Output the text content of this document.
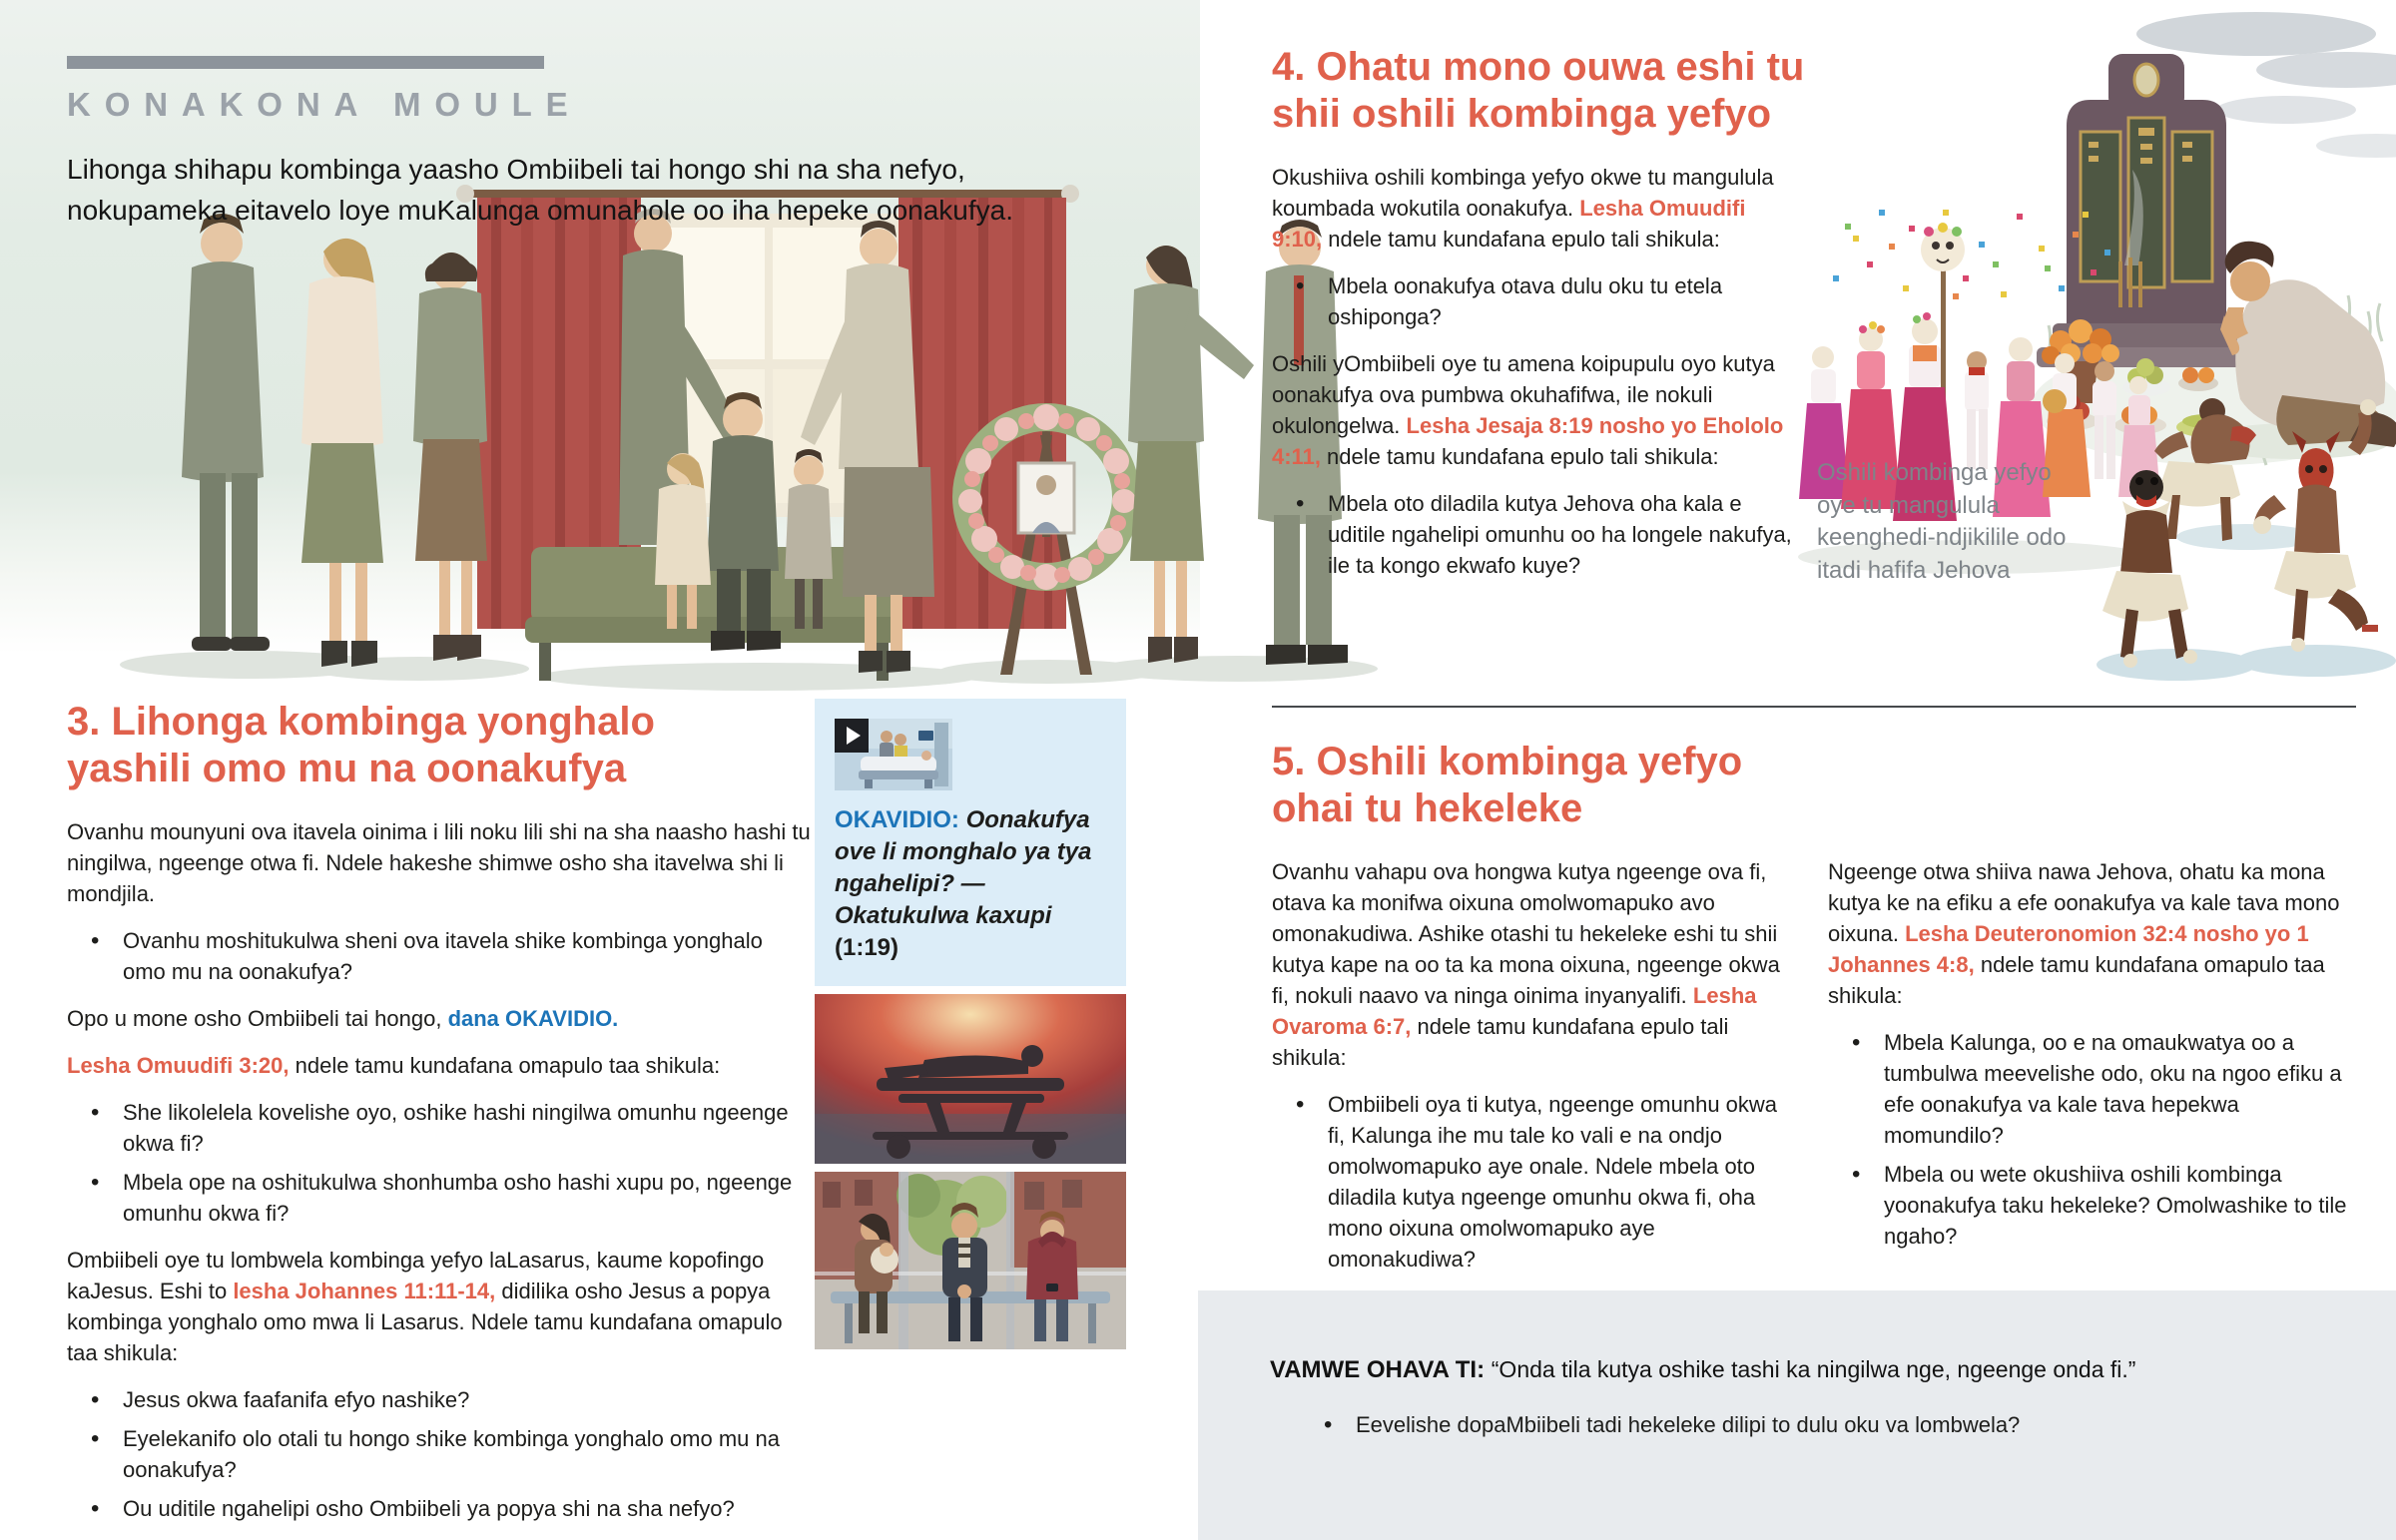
KONAKONA MOULE
Lihonga shihapu kombinga yaasho Ombiibeli tai hongo shi na sha nefyo, nokupameka eitavelo loye muKalunga omunahole oo iha hepeke oonakufya.
3. Lihonga kombinga yonghalo yashili omo mu na oonakufya

Ovanhu mounyuni ova itavela oinima i lili noku lili shi na sha naasho hashi tu ningilwa, ngeenge otwa fi. Ndele hakeshe shimwe osho sha itavelwa shi li mondjila.

• Ovanhu moshitukulwa sheni ova itavela shike kombinga yonghalo omo mu na oonakufya?

Opo u mone osho Ombiibeli tai hongo, dana OKAVIDIO.

Lesha Omuudifi 3:20, ndele tamu kundafana omapulo taa shikula:

• She likolelela kovelishe oyo, oshike hashi ningilwa omunhu ngeenge okwa fi?
• Mbela ope na oshitukulwa shonhumba osho hashi xupu po, ngeenge omunhu okwa fi?

Ombiibeli oye tu lombwela kombinga yefyo laLasarus, kaume kopofingo kaJesus. Eshi to lesha Johannes 11:11-14, didilika osho Jesus a popya kombinga yonghalo omo mwa li Lasarus. Ndele tamu kundafana omapulo taa shikula:

• Jesus okwa faafanifa efyo nashike?
• Eyelekanifo olo otali tu hongo shike kombinga yonghalo omo mu na oonakufya?
• Ou uditile ngahelipi osho Ombiibeli ya popya shi na sha nefyo?

OKAVIDIO: Oonakufya ove li monghalo ya tya ngahelipi? — Okatukulwa kaxupi (1:19)

4. Ohatu mono ouwa eshi tu shii oshili kombinga yefyo

Okushiiva oshili kombinga yefyo okwe tu mangulula koumbada wokutila oonakufya. Lesha Omuudifi 9:10, ndele tamu kundafana epulo tali shikula:

• Mbela oonakufya otava dulu oku tu etela oshiponga?

Oshili yOmbiibeli oye tu amena koipupulu oyo kutya oonakufya ova pumbwa okuhafifwa, ile nokuli okulongelwa. Lesha Jesaja 8:19 nosho yo Ehololo 4:11, ndele tamu kundafana epulo tali shikula:

• Mbela oto diladila kutya Jehova oha kala e uditile ngahelipi omunhu oo ha longele nakufya, ile ta kongo ekwafo kuye?
Oshili kombinga yefyo oye tu mangulula keenghedi-ndjikilile odo itadi hafifa Jehova
5. Oshili kombinga yefyo ohai tu hekeleke

Ovanhu vahapu ova hongwa kutya ngeenge ova fi, otava ka monifwa oixuna omolwomapuko avo omonakudiwa. Ashike otashi tu hekeleke eshi tu shii kutya kape na oo ta ka mona oixuna, ngeenge okwa fi, nokuli naavo va ninga oinima inyanyalifi. Lesha Ovaroma 6:7, ndele tamu kundafana epulo tali shikula:

• Ombiibeli oya ti kutya, ngeenge omunhu okwa fi, Kalunga ihe mu tale ko vali e na ondjo omolwomapuko aye onale. Ndele mbela oto diladila kutya ngeenge omunhu okwa fi, oha mono oixuna omolwomapuko aye omonakudiwa?

Ngeenge otwa shiiva nawa Jehova, ohatu ka mona kutya ke na efiku a efe oonakufya va kale tava mono oixuna. Lesha Deuteronomion 32:4 nosho yo 1 Johannes 4:8, ndele tamu kundafana omapulo taa shikula:

• Mbela Kalunga, oo e na omaukwatya oo a tumbulwa meevelishe odo, oku na ngoo efiku a efe oonakufya va kale tava hepekwa momundilo?
• Mbela ou wete okushiiva oshili kombinga yoonakufya taku hekeleke? Omolwashike to tile ngaho?

VAMWE OHAVA TI: “Onda tila kutya oshike tashi ka ningilwa nge, ngeenge onda fi.”

• Eevelishe dopaMbiibeli tadi hekeleke dilipi to dulu oku va lombwela?
